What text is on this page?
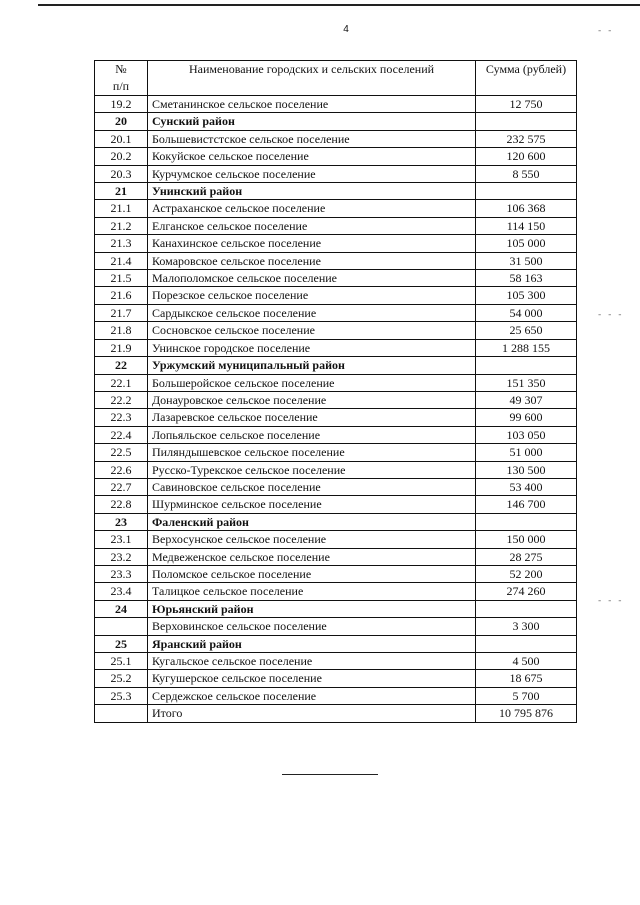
4	- -
- - -
- - -
№
п/п	Наименование городских и сельских поселений	Сумма (рублей)
19.2	Сметанинское сельское поселение	12 750
20	Сунский район	
20.1	Большевистстское сельское поселение	232 575
20.2	Кокуйское сельское поселение	120 600
20.3	Курчумское сельское поселение	8 550
21	Унинский район	
21.1	Астраханское сельское поселение	106 368
21.2	Елганское сельское поселение	114 150
21.3	Канахинское сельское поселение	105 000
21.4	Комаровское сельское поселение	31 500
21.5	Малополомское сельское поселение	58 163
21.6	Порезское сельское поселение	105 300
21.7	Сардыкское сельское поселение	54 000
21.8	Сосновское сельское поселение	25 650
21.9	Унинское городское поселение	1 288 155
22	Уржумский муниципальный район	
22.1	Большеройское сельское поселение	151 350
22.2	Донауровское сельское поселение	49 307
22.3	Лазаревское сельское поселение	99 600
22.4	Лопьяльское сельское поселение	103 050
22.5	Пиляндышевское сельское поселение	51 000
22.6	Русско-Турекское сельское поселение	130 500
22.7	Савиновское сельское поселение	53 400
22.8	Шурминское сельское поселение	146 700
23	Фаленский район	
23.1	Верхосунское сельское поселение	150 000
23.2	Медвеженское сельское поселение	28 275
23.3	Поломское сельское поселение	52 200
23.4	Талицкое сельское поселение	274 260
24	Юрьянский район	
	Верховинское сельское поселение	3 300
25	Яранский район	
25.1	Кугальское сельское поселение	4 500
25.2	Кугушерское сельское поселение	18 675
25.3	Сердежское сельское поселение	5 700
	Итого	10 795 876
